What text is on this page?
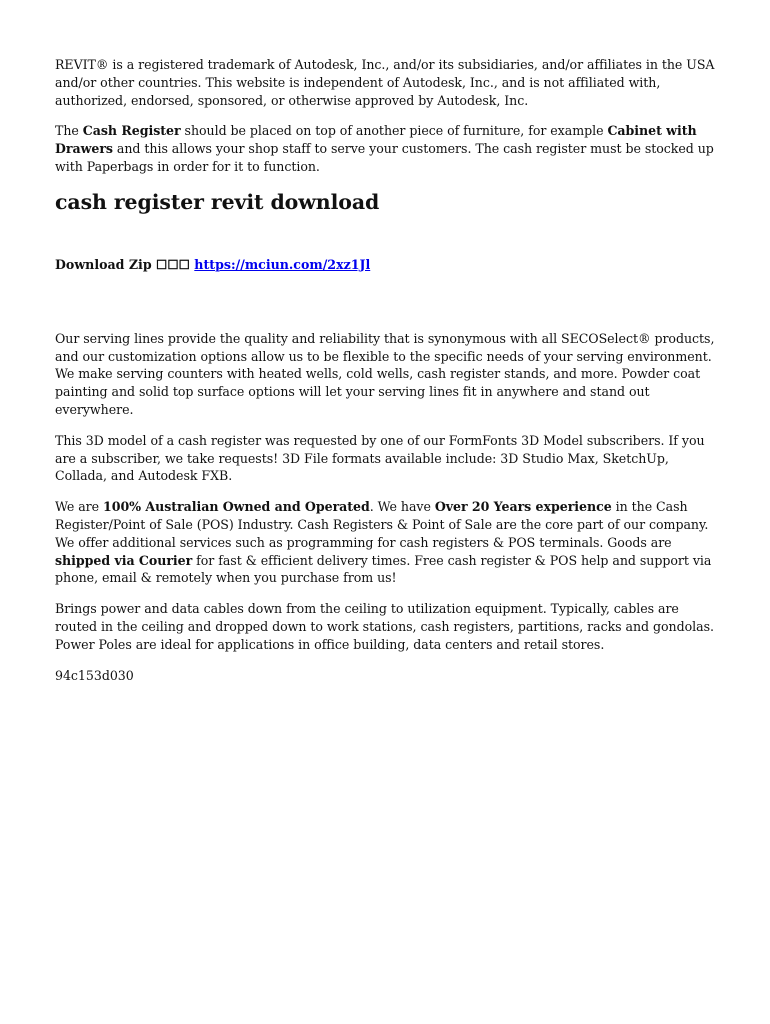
REVIT® is a registered trademark of Autodesk, Inc., and/or its subsidiaries, and/or affiliates in the USA and/or other countries. This website is independent of Autodesk, Inc., and is not affiliated with, authorized, endorsed, sponsored, or otherwise approved by Autodesk, Inc.

The Cash Register should be placed on top of another piece of furniture, for example Cabinet with Drawers and this allows your shop staff to serve your customers. The cash register must be stocked up with Paperbags in order for it to function.

cash register revit download
Download Zip ☐☐☐ https://mciun.com/2xz1Jl

Our serving lines provide the quality and reliability that is synonymous with all SECOSelect® products, and our customization options allow us to be flexible to the specific needs of your serving environment. We make serving counters with heated wells, cold wells, cash register stands, and more. Powder coat painting and solid top surface options will let your serving lines fit in anywhere and stand out everywhere.

This 3D model of a cash register was requested by one of our FormFonts 3D Model subscribers. If you are a subscriber, we take requests! 3D File formats available include: 3D Studio Max, SketchUp, Collada, and Autodesk FXB.

We are 100% Australian Owned and Operated. We have Over 20 Years experience in the Cash Register/Point of Sale (POS) Industry. Cash Registers & Point of Sale are the core part of our company. We offer additional services such as programming for cash registers & POS terminals. Goods are shipped via Courier for fast & efficient delivery times. Free cash register & POS help and support via phone, email & remotely when you purchase from us!

Brings power and data cables down from the ceiling to utilization equipment. Typically, cables are routed in the ceiling and dropped down to work stations, cash registers, partitions, racks and gondolas. Power Poles are ideal for applications in office building, data centers and retail stores.

94c153d030
